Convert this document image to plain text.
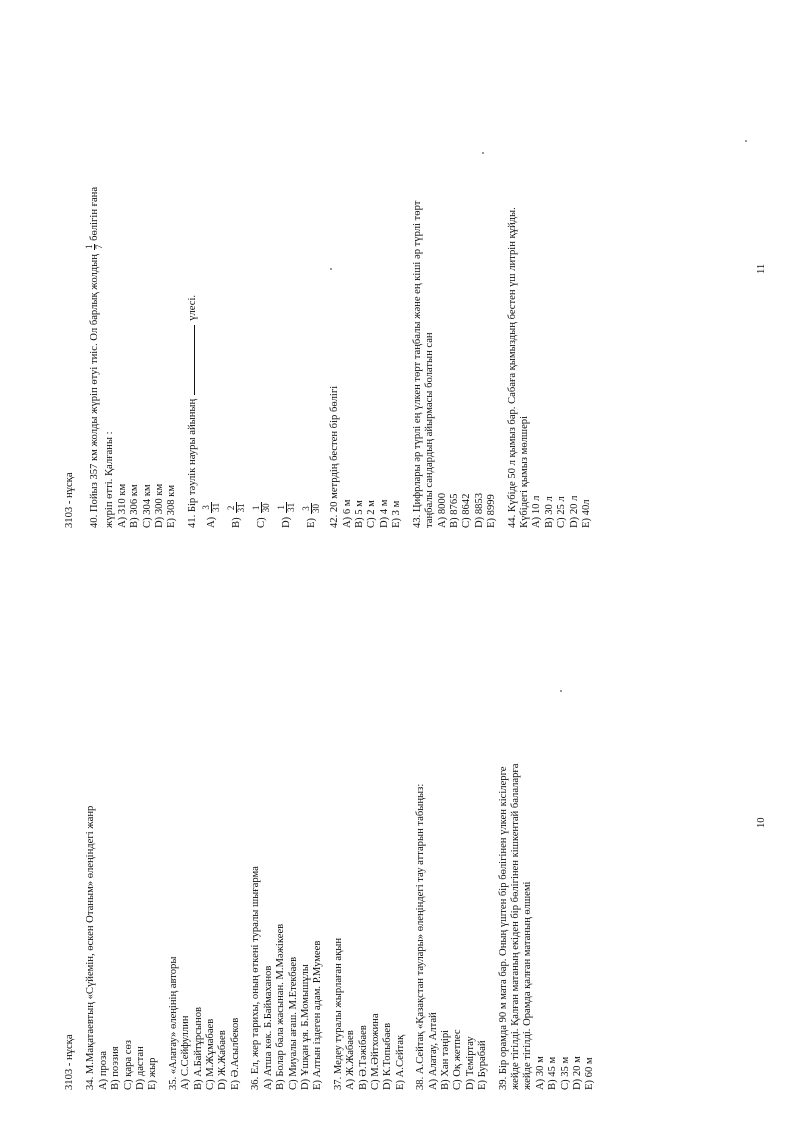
3103 - нұсқа 34. М.Мақатаевтың «Сүйемін, өскен Отаным» өлеңіндегі жанр A) проза B) поэзия C) қара сөз D) дастан E) жыр 35. «Алатау» өлеңінің авторы A) С.Сейфуллин B) А.Байтұрсынов C) М.Жұмабаев D) Ж.Жабаев E) Ә.Асылбеков 36. Ел, жер тарихы, оның өткені туралы шығарма A) Атша көк. Б.Баймаханов B) Болар бала жасынан. М.Мәжікеев C) Миуалы ағаш. М.Етекбаев D) Ұшқан ұя. Б.Момышұлы E) Алтын іздеген адам. Р.Мумеев 37. Медеу туралы жырлаған ақын A) Ж.Жабаев B) Ә.Тәжібаев C) М.Әйтхожина D) К.Топыбаев E) А.Сейтақ 38. А.Сейтақ «Қазақстан таулары» өлеңіндегі тау аттарын табыңыз: A) Алатау, Алтай B) Хан тәңірі C) Оқ жетпес D) Теміртау E) Бурабай 39. Бір орамда 90 м мата бар. Оның үштен бір бөлігінен үлкен кісілерге жейде тігілді. Қалған матаның екіден бір бөлігінен кішкентай балаларға жейде тігілді. Орамда қалған матаның өлшемі A) 30 м B) 45 м C) 35 м D) 20 м E) 60 м
10
3103 - нұсқа	40. Пойыз 357 км жолды жүріп өтуі тиіс. Ол барлық жолдың
1 7
бөлігін ғана
жүріп өтті. Қалғаны : A) 310 км B) 306 км C) 304 км D) 300 км E) 308 км 41. Бір тәулік науры айыныңүлесі.
A)
3 31
B)
2 31
C)
1 30
D)
1 31
E)
3 30 42. 20 метрдің бестен бір бөлігі A) 6 м B) 5 м C) 2 м D) 4 м E) 3 м 43. Цифрлары әр түрлі ең үлкен төрт таңбалы және ең кіші әр түрлі төрт таңбалы сандардың айырмасы болатын сан A) 8000 B) 8765 C) 8642 D) 8853 E) 8999 44. Күбіде 50 л қымыз бар. Сабаға қымыздың бестен үш литрін құйды. Күбідегі қымыз мөлшері A) 10 л B) 30 л C) 25 л D) 20 л E) 40л
11
